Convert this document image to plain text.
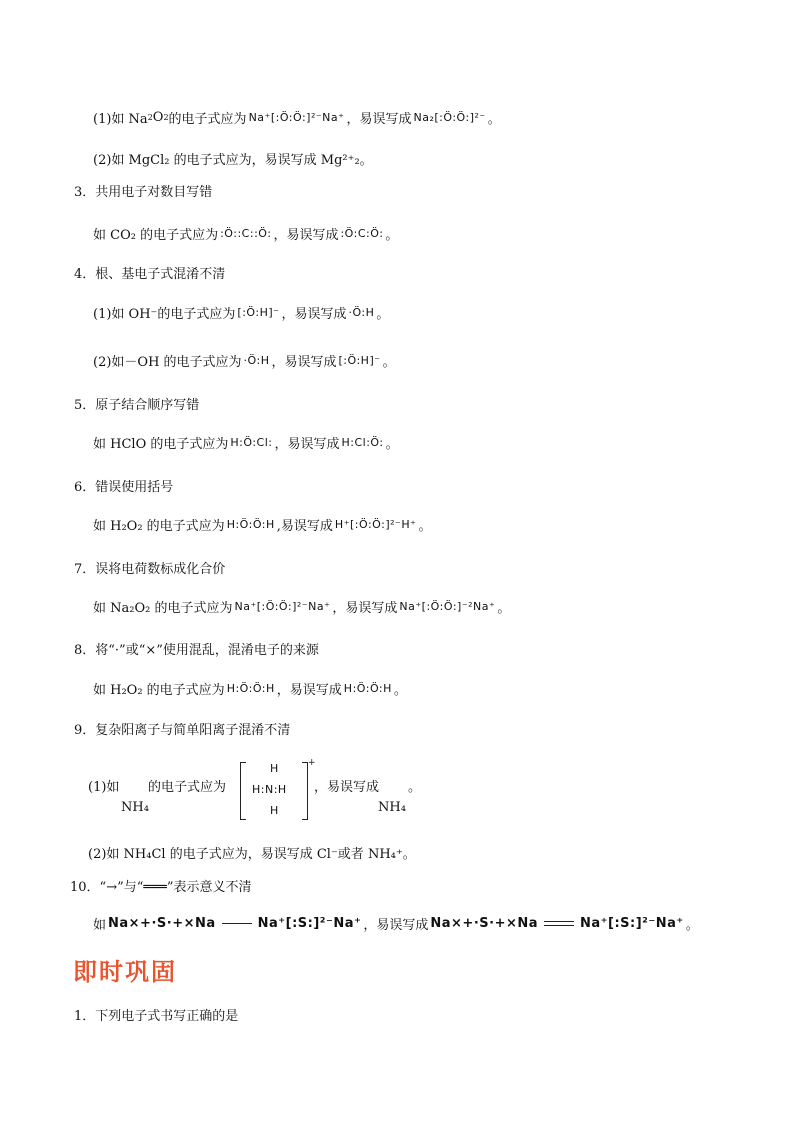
(1)如 Na 2 O 2 的电子式应为 Na⁺[:Ö:Ö:]²⁻Na⁺ ，易误写成 Na₂[:Ö:Ö:]²⁻ 。
(2)如 MgCl₂ 的电子式应为，易误写成 Mg²⁺₂。
3．共用电子对数目写错
如 CO₂ 的电子式应为 :Ö::C::Ö: ，易误写成 :Ö:C:Ö: 。
4．根、基电子式混淆不清
(1)如 OH⁻的电子式应为 [:Ö:H]⁻ ，易误写成 ·Ö:H 。
(2)如－OH 的电子式应为 ·Ö:H ，易误写成 [:Ö:H]⁻ 。
5．原子结合顺序写错
如 HClO 的电子式应为 H:Ö:Cl: ，易误写成 H:Cl:Ö: 。
6．错误使用括号
如 H₂O₂ 的电子式应为 H:Ö:Ö:H ,易误写成 H⁺[:Ö:Ö:]²⁻H⁺ 。
7．误将电荷数标成化合价
如 Na₂O₂ 的电子式应为 Na⁺[:Ö:Ö:]²⁻Na⁺ ，易误写成 Na⁺[:Ö:Ö:]⁻²Na⁺ 。
8．将“·”或“×”使用混乱，混淆电子的来源
如 H₂O₂ 的电子式应为 H:Ö:Ö:H ，易误写成 H:Ö:Ö:H 。
9．复杂阳离子与简单阳离子混淆不清
(1)如
NH₄
的电子式应为
H
H:N:H
H
+
，易误写成
NH₄
。
(2)如 NH₄Cl 的电子式应为，易误写成 Cl⁻或者 NH₄⁺。
10．“→”与“═══”表示意义不清
如 Na×+·S·+×Na	Na⁺[:S:]²⁻Na⁺ ，易误写成 Na×+·S·+×Na	Na⁺[:S:]²⁻Na⁺ 。
即时巩固
1．下列电子式书写正确的是
